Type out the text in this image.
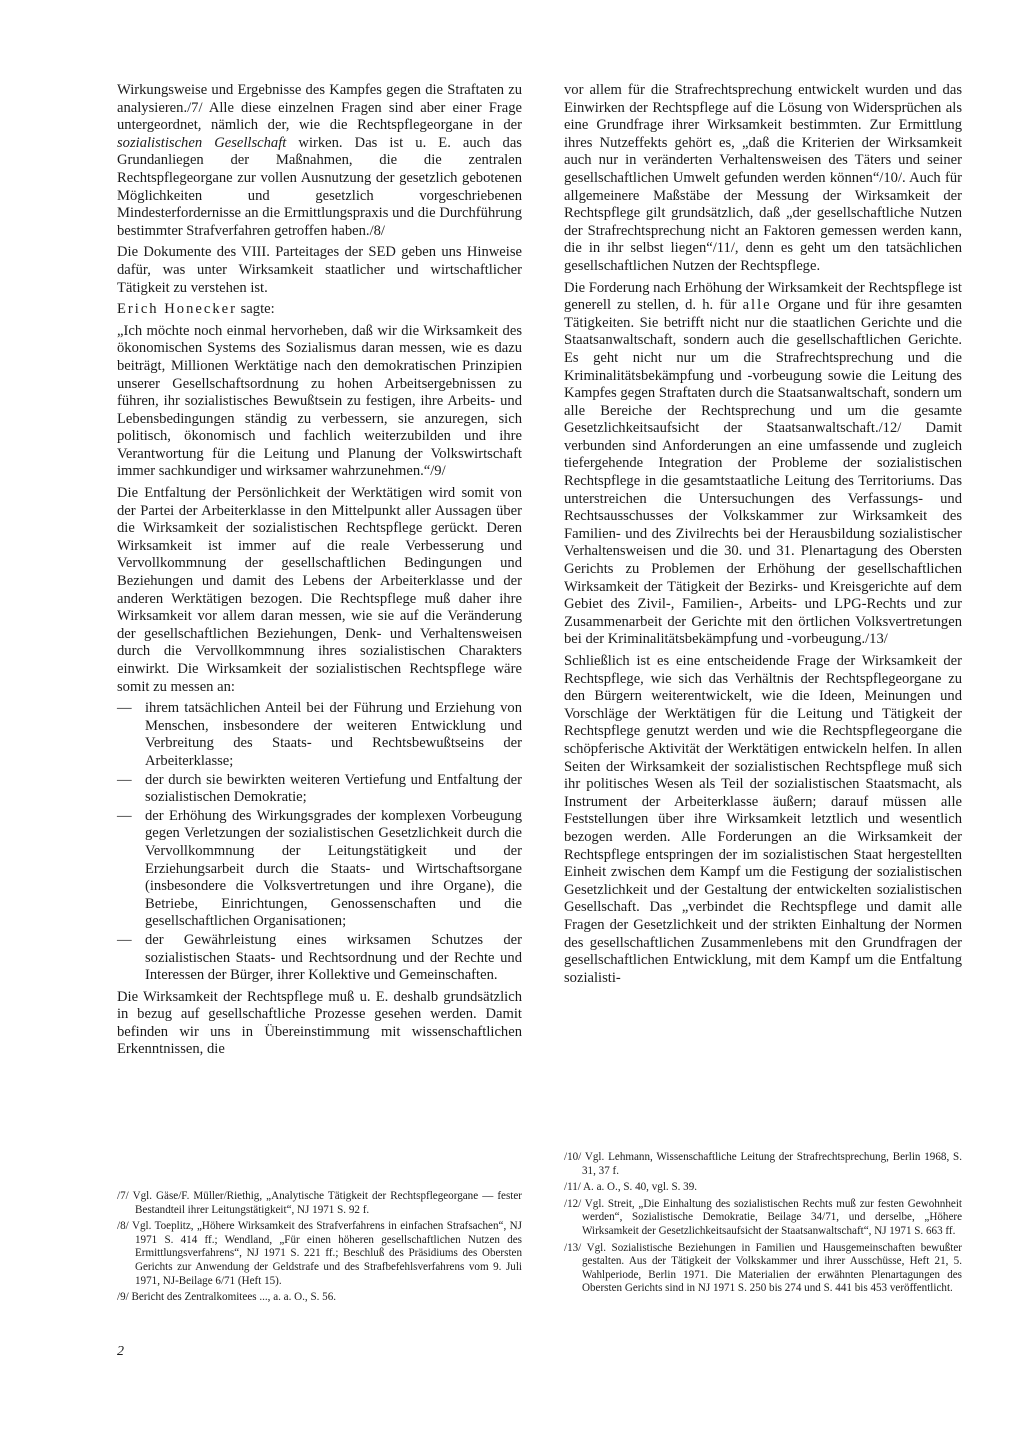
Wirkungsweise und Ergebnisse des Kampfes gegen die Straftaten zu analysieren./7/ Alle diese einzelnen Fragen sind aber einer Frage untergeordnet, nämlich der, wie die Rechtspflegeorgane in der sozialistischen Gesellschaft wirken. Das ist u. E. auch das Grundanliegen der Maßnahmen, die die zentralen Rechtspflegeorgane zur vollen Ausnutzung der gesetzlich gebotenen Möglichkeiten und gesetzlich vorgeschriebenen Mindesterfordernisse an die Ermittlungspraxis und die Durchführung bestimmter Strafverfahren getroffen haben./8/

Die Dokumente des VIII. Parteitages der SED geben uns Hinweise dafür, was unter Wirksamkeit staatlicher und wirtschaftlicher Tätigkeit zu verstehen ist.

Erich Honecker sagte:

„Ich möchte noch einmal hervorheben, daß wir die Wirksamkeit des ökonomischen Systems des Sozialismus daran messen, wie es dazu beiträgt, Millionen Werktätige nach den demokratischen Prinzipien unserer Gesellschaftsordnung zu hohen Arbeitsergebnissen zu führen, ihr sozialistisches Bewußtsein zu festigen, ihre Arbeits- und Lebensbedingungen ständig zu verbessern, sie anzuregen, sich politisch, ökonomisch und fachlich weiterzubilden und ihre Verantwortung für die Leitung und Planung der Volkswirtschaft immer sachkundiger und wirksamer wahrzunehmen.“/9/

Die Entfaltung der Persönlichkeit der Werktätigen wird somit von der Partei der Arbeiterklasse in den Mittelpunkt aller Aussagen über die Wirksamkeit der sozialistischen Rechtspflege gerückt. Deren Wirksamkeit ist immer auf die reale Verbesserung und Vervollkommnung der gesellschaftlichen Bedingungen und Beziehungen und damit des Lebens der Arbeiterklasse und der anderen Werktätigen bezogen. Die Rechtspflege muß daher ihre Wirksamkeit vor allem daran messen, wie sie auf die Veränderung der gesellschaftlichen Beziehungen, Denk- und Verhaltensweisen durch die Vervollkommnung ihres sozialistischen Charakters einwirkt. Die Wirksamkeit der sozialistischen Rechtspflege wäre somit zu messen an:

— ihrem tatsächlichen Anteil bei der Führung und Erziehung von Menschen, insbesondere der weiteren Entwicklung und Verbreitung des Staats- und Rechtsbewußtseins der Arbeiterklasse;
— der durch sie bewirkten weiteren Vertiefung und Entfaltung der sozialistischen Demokratie;
— der Erhöhung des Wirkungsgrades der komplexen Vorbeugung gegen Verletzungen der sozialistischen Gesetzlichkeit durch die Vervollkommnung der Leitungstätigkeit und der Erziehungsarbeit durch die Staats- und Wirtschaftsorgane (insbesondere die Volksvertretungen und ihre Organe), die Betriebe, Einrichtungen, Genossenschaften und die gesellschaftlichen Organisationen;
— der Gewährleistung eines wirksamen Schutzes der sozialistischen Staats- und Rechtsordnung und der Rechte und Interessen der Bürger, ihrer Kollektive und Gemeinschaften.

Die Wirksamkeit der Rechtspflege muß u. E. deshalb grundsätzlich in bezug auf gesellschaftliche Prozesse gesehen werden. Damit befinden wir uns in Übereinstimmung mit wissenschaftlichen Erkenntnissen, die

/7/ Vgl. Gäse/F. Müller/Riethig, „Analytische Tätigkeit der Rechtspflegeorgane — fester Bestandteil ihrer Leitungstätigkeit“, NJ 1971 S. 92 f.

/8/ Vgl. Toeplitz, „Höhere Wirksamkeit des Strafverfahrens in einfachen Strafsachen“, NJ 1971 S. 414 ff.; Wendland, „Für einen höheren gesellschaftlichen Nutzen des Ermittlungsverfahrens“, NJ 1971 S. 221 ff.; Beschluß des Präsidiums des Obersten Gerichts zur Anwendung der Geldstrafe und des Strafbefehlsverfahrens vom 9. Juli 1971, NJ-Beilage 6/71 (Heft 15).

/9/ Bericht des Zentralkomitees ..., a. a. O., S. 56.

vor allem für die Strafrechtsprechung entwickelt wurden und das Einwirken der Rechtspflege auf die Lösung von Widersprüchen als eine Grundfrage ihrer Wirksamkeit bestimmten. Zur Ermittlung ihres Nutzeffekts gehört es, „daß die Kriterien der Wirksamkeit auch nur in veränderten Verhaltensweisen des Täters und seiner gesellschaftlichen Umwelt gefunden werden können“/10/. Auch für allgemeinere Maßstäbe der Messung der Wirksamkeit der Rechtspflege gilt grundsätzlich, daß „der gesellschaftliche Nutzen der Strafrechtsprechung nicht an Faktoren gemessen werden kann, die in ihr selbst liegen“/11/, denn es geht um den tatsächlichen gesellschaftlichen Nutzen der Rechtspflege.

Die Forderung nach Erhöhung der Wirksamkeit der Rechtspflege ist generell zu stellen, d. h. für alle Organe und für ihre gesamten Tätigkeiten. Sie betrifft nicht nur die staatlichen Gerichte und die Staatsanwaltschaft, sondern auch die gesellschaftlichen Gerichte. Es geht nicht nur um die Strafrechtsprechung und die Kriminalitätsbekämpfung und -vorbeugung sowie die Leitung des Kampfes gegen Straftaten durch die Staatsanwaltschaft, sondern um alle Bereiche der Rechtsprechung und um die gesamte Gesetzlichkeitsaufsicht der Staatsanwaltschaft./12/ Damit verbunden sind Anforderungen an eine umfassende und zugleich tiefergehende Integration der Probleme der sozialistischen Rechtspflege in die gesamtstaatliche Leitung des Territoriums. Das unterstreichen die Untersuchungen des Verfassungs- und Rechtsausschusses der Volkskammer zur Wirksamkeit des Familien- und des Zivilrechts bei der Herausbildung sozialistischer Verhaltensweisen und die 30. und 31. Plenartagung des Obersten Gerichts zu Problemen der Erhöhung der gesellschaftlichen Wirksamkeit der Tätigkeit der Bezirks- und Kreisgerichte auf dem Gebiet des Zivil-, Familien-, Arbeits- und LPG-Rechts und zur Zusammenarbeit der Gerichte mit den örtlichen Volksvertretungen bei der Kriminalitätsbekämpfung und -vorbeugung./13/

Schließlich ist es eine entscheidende Frage der Wirksamkeit der Rechtspflege, wie sich das Verhältnis der Rechtspflegeorgane zu den Bürgern weiterentwickelt, wie die Ideen, Meinungen und Vorschläge der Werktätigen für die Leitung und Tätigkeit der Rechtspflege genutzt werden und wie die Rechtspflegeorgane die schöpferische Aktivität der Werktätigen entwickeln helfen. In allen Seiten der Wirksamkeit der sozialistischen Rechtspflege muß sich ihr politisches Wesen als Teil der sozialistischen Staatsmacht, als Instrument der Arbeiterklasse äußern; darauf müssen alle Feststellungen über ihre Wirksamkeit letztlich und wesentlich bezogen werden. Alle Forderungen an die Wirksamkeit der Rechtspflege entspringen der im sozialistischen Staat hergestellten Einheit zwischen dem Kampf um die Festigung der sozialistischen Gesetzlichkeit und der Gestaltung der entwickelten sozialistischen Gesellschaft. Das „verbindet die Rechtspflege und damit alle Fragen der Gesetzlichkeit und der strikten Einhaltung der Normen des gesellschaftlichen Zusammenlebens mit den Grundfragen der gesellschaftlichen Entwicklung, mit dem Kampf um die Entfaltung sozialisti-

/10/ Vgl. Lehmann, Wissenschaftliche Leitung der Strafrechtsprechung, Berlin 1968, S. 31, 37 f.

/11/ A. a. O., S. 40, vgl. S. 39.

/12/ Vgl. Streit, „Die Einhaltung des sozialistischen Rechts muß zur festen Gewohnheit werden“, Sozialistische Demokratie, Beilage 34/71, und derselbe, „Höhere Wirksamkeit der Gesetzlichkeitsaufsicht der Staatsanwaltschaft“, NJ 1971 S. 663 ff.

/13/ Vgl. Sozialistische Beziehungen in Familien und Hausgemeinschaften bewußter gestalten. Aus der Tätigkeit der Volkskammer und ihrer Ausschüsse, Heft 21, 5. Wahlperiode, Berlin 1971. Die Materialien der erwähnten Plenartagungen des Obersten Gerichts sind in NJ 1971 S. 250 bis 274 und S. 441 bis 453 veröffentlicht.

2
